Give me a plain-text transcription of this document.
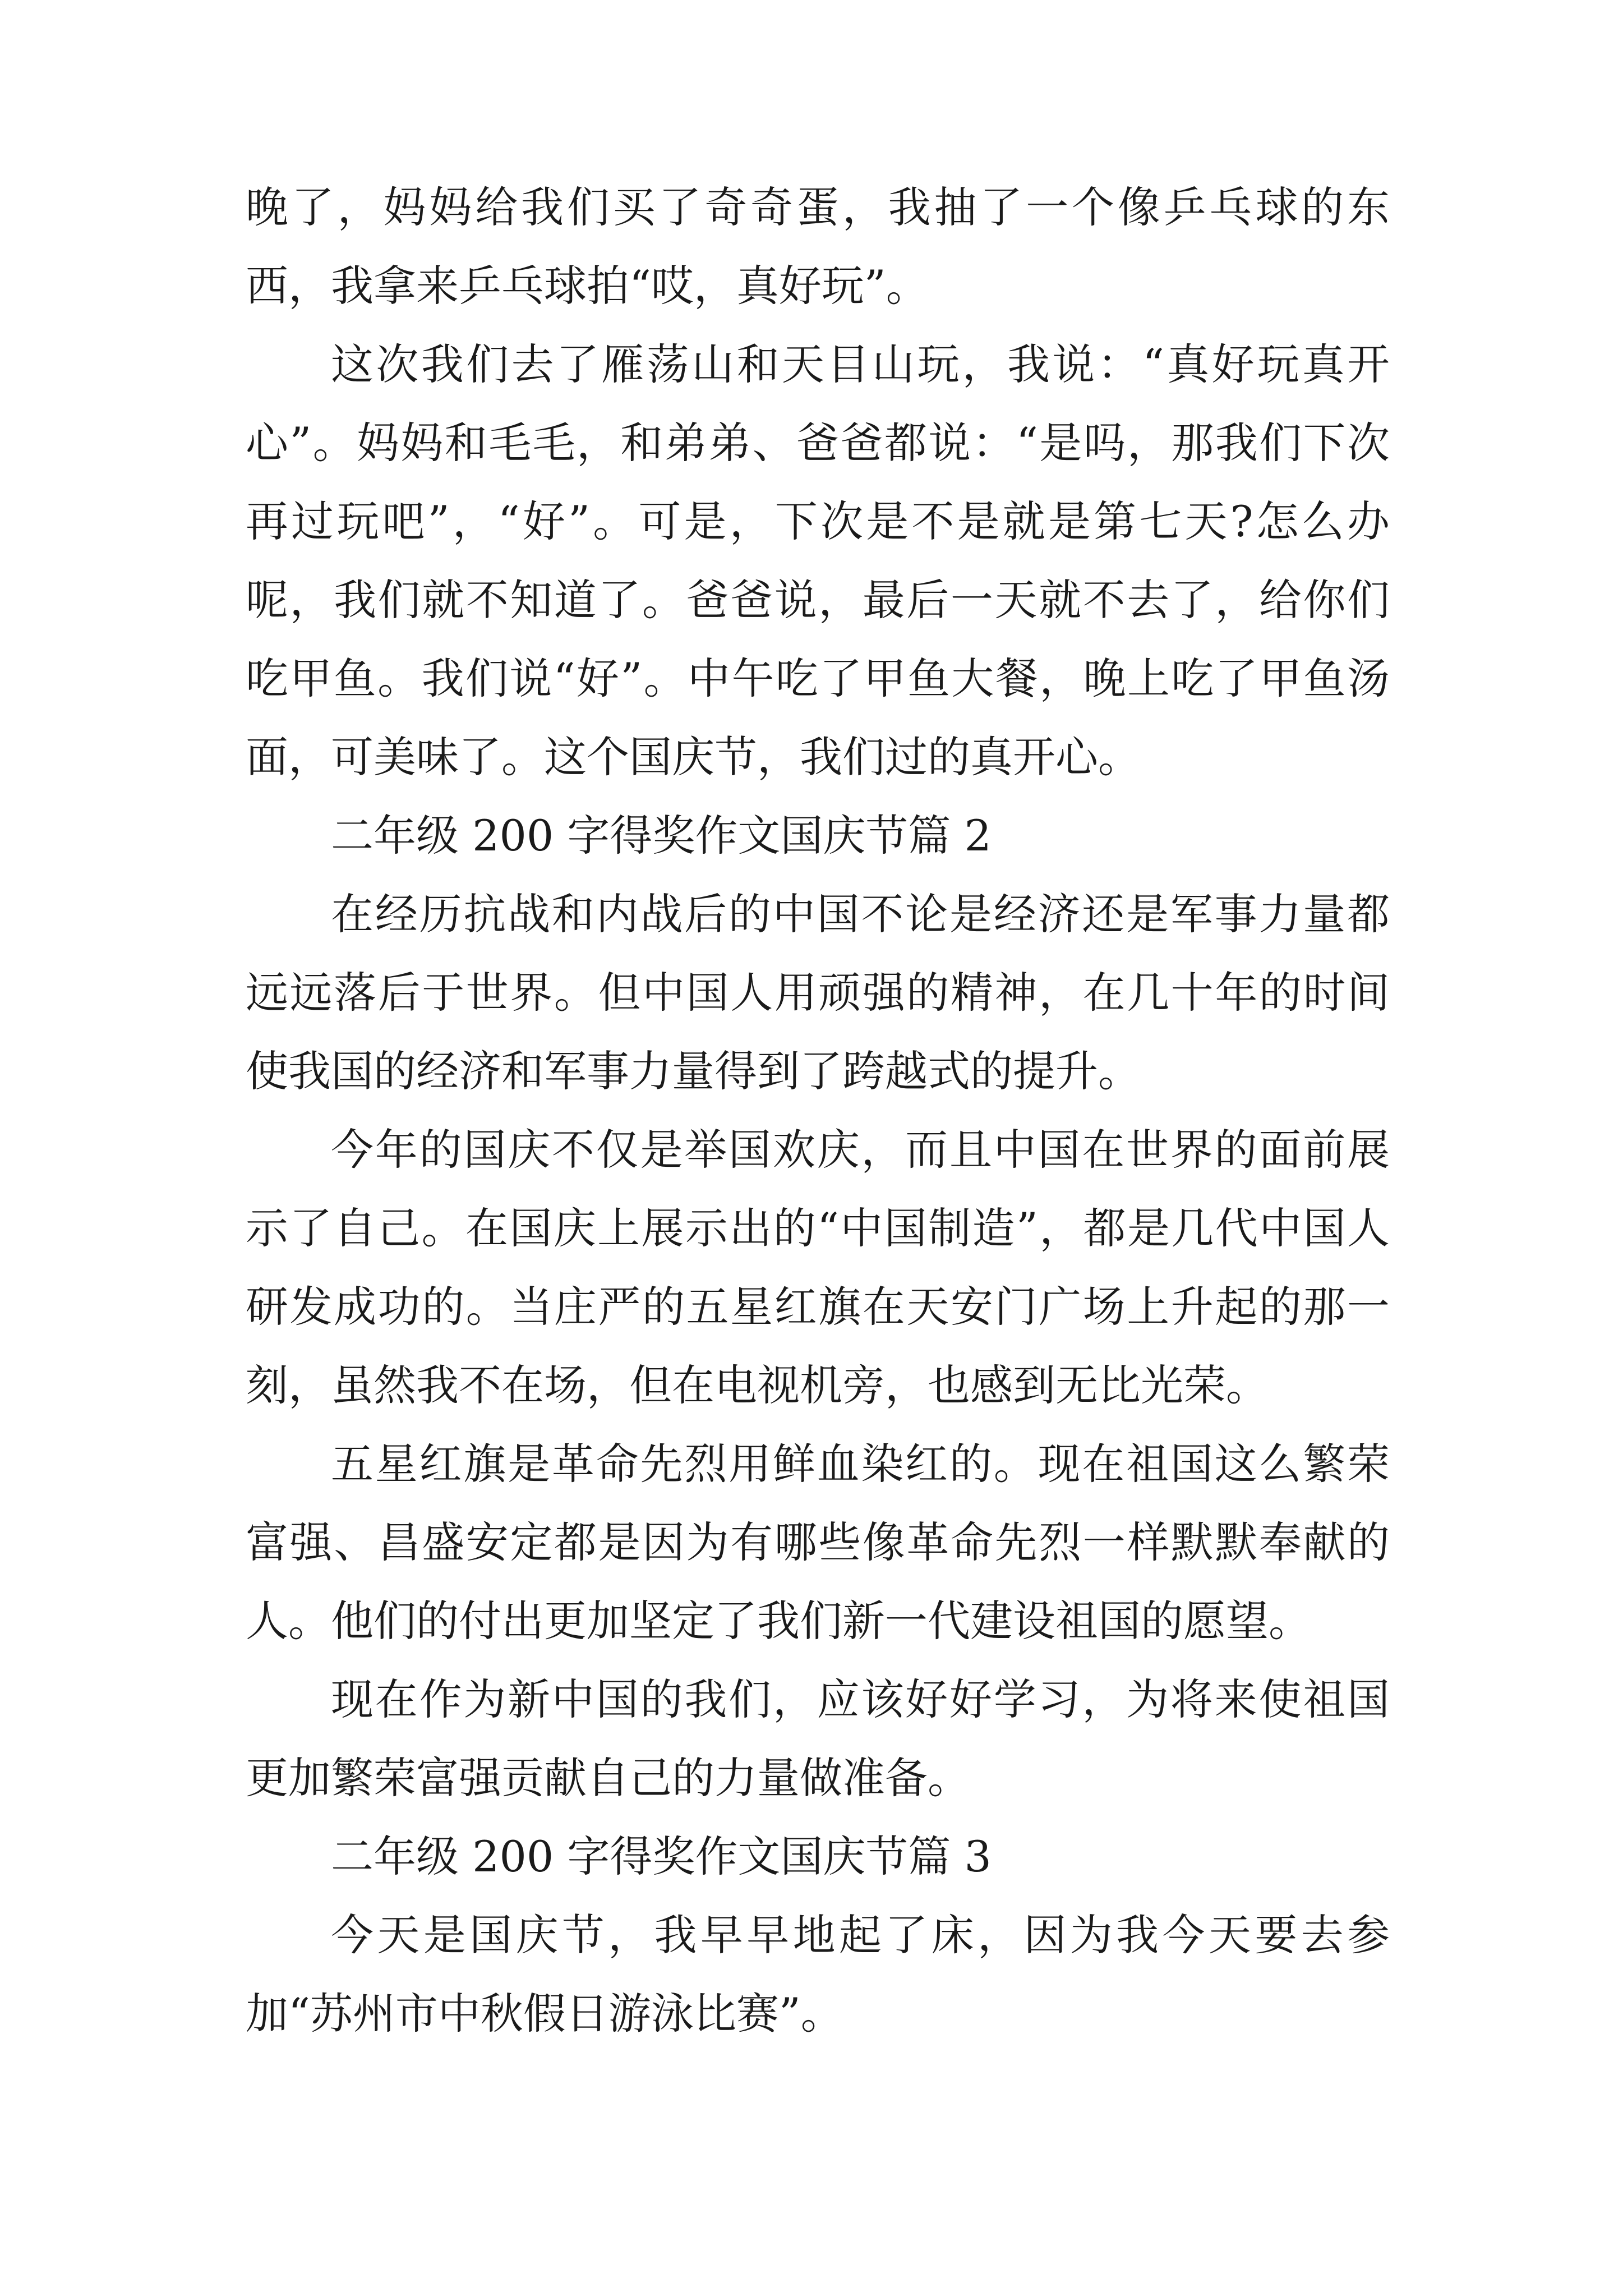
晚了，妈妈给我们买了奇奇蛋，我抽了一个像乒乓球的东西，我拿来乒乓球拍“哎，真好玩”。

这次我们去了雁荡山和天目山玩，我说：“真好玩真开心”。妈妈和毛毛，和弟弟、爸爸都说：“是吗，那我们下次再过玩吧”，“好”。可是，下次是不是就是第七天?怎么办呢，我们就不知道了。爸爸说，最后一天就不去了，给你们吃甲鱼。我们说“好”。中午吃了甲鱼大餐，晚上吃了甲鱼汤面，可美味了。这个国庆节，我们过的真开心。

二年级 200 字得奖作文国庆节篇 2

在经历抗战和内战后的中国不论是经济还是军事力量都远远落后于世界。但中国人用顽强的精神，在几十年的时间使我国的经济和军事力量得到了跨越式的提升。

今年的国庆不仅是举国欢庆，而且中国在世界的面前展示了自己。在国庆上展示出的“中国制造”，都是几代中国人研发成功的。当庄严的五星红旗在天安门广场上升起的那一刻，虽然我不在场，但在电视机旁，也感到无比光荣。

五星红旗是革命先烈用鲜血染红的。现在祖国这么繁荣富强、昌盛安定都是因为有哪些像革命先烈一样默默奉献的人。他们的付出更加坚定了我们新一代建设祖国的愿望。

现在作为新中国的我们，应该好好学习，为将来使祖国更加繁荣富强贡献自己的力量做准备。

二年级 200 字得奖作文国庆节篇 3

今天是国庆节，我早早地起了床，因为我今天要去参加“苏州市中秋假日游泳比赛”。
